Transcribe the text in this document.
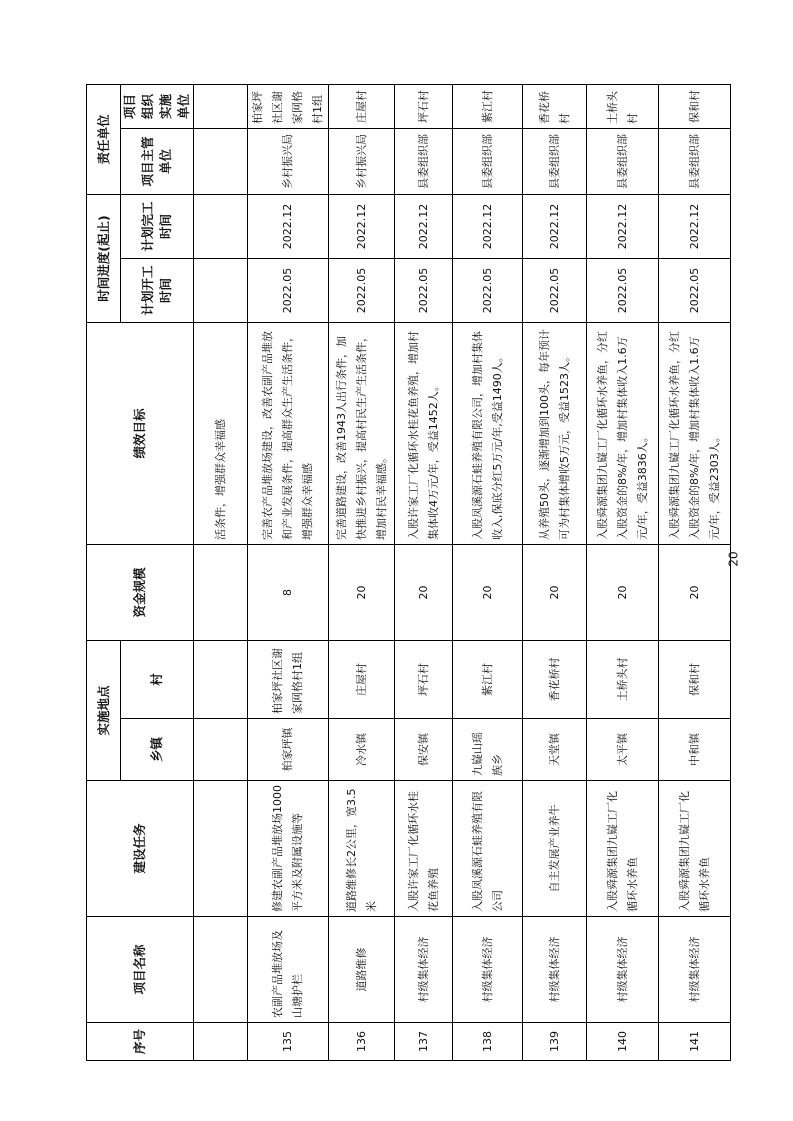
序号	项目名称	建设任务	实施地点		资金规模	绩效目标	时间进度(起止)		责任单位	
			乡镇	村			计划开工时间	计划完工时间	项目主管单位	项目组织实施单位
						活条件，增强群众幸福感				
135	农副产品堆放场及山塘护栏	修建农副产品堆放场1000平方米及附属设施等	柏家坪镇	柏家坪社区谢家网格村1组	8	完善农产品堆放场建设，改善农副产品堆放和产业发展条件，提高群众生产生活条件，增强群众幸福感	2022.05	2022.12	乡村振兴局	柏家坪社区谢家网格村1组
136	道路维修	道路维修长2公里，宽3.5米	冷水镇	庄屋村	20	完善道路建设，改善1943人出行条件，加快推进乡村振兴，提高村民生产生活条件，增加村民幸福感。	2022.05	2022.12	乡村振兴局	庄屋村
137	村级集体经济	入股许家工厂化循环水桂花鱼养殖	保安镇	坪石村	20	入股许家工厂化循环水桂花鱼养殖，增加村集体收4万元/年，受益1452人。	2022.05	2022.12	县委组织部	坪石村
138	村级集体经济	入股凤溪源石蛙养殖有限公司	九嶷山瑶族乡	紫江村	20	入股凤溪源石蛙养殖有限公司，增加村集体收入,保底分红5万元/年,受益1490人。	2022.05	2022.12	县委组织部	紫江村
139	村级集体经济	自主发展产业养牛	天堂镇	香花桥村	20	从养殖50头，逐渐增加到100头，每年预计可为村集体增收5万元，受益1523人。	2022.05	2022.12	县委组织部	香花桥村
140	村级集体经济	入股舜源集团九嶷工厂化循环水养鱼	太平镇	土桥头村	20	入股舜源集团九嶷工厂化循环水养鱼，分红入股资金的8%/年，增加村集体收入1.6万元/年，受益3836人。	2022.05	2022.12	县委组织部	土桥头村
141	村级集体经济	入股舜源集团九嶷工厂化循环水养鱼	中和镇	保和村	20	入股舜源集团九嶷工厂化循环水养鱼，分红入股资金的8%/年，增加村集体收入1.6万元/年，受益2303人。	2022.05	2022.12	县委组织部	保和村
20
